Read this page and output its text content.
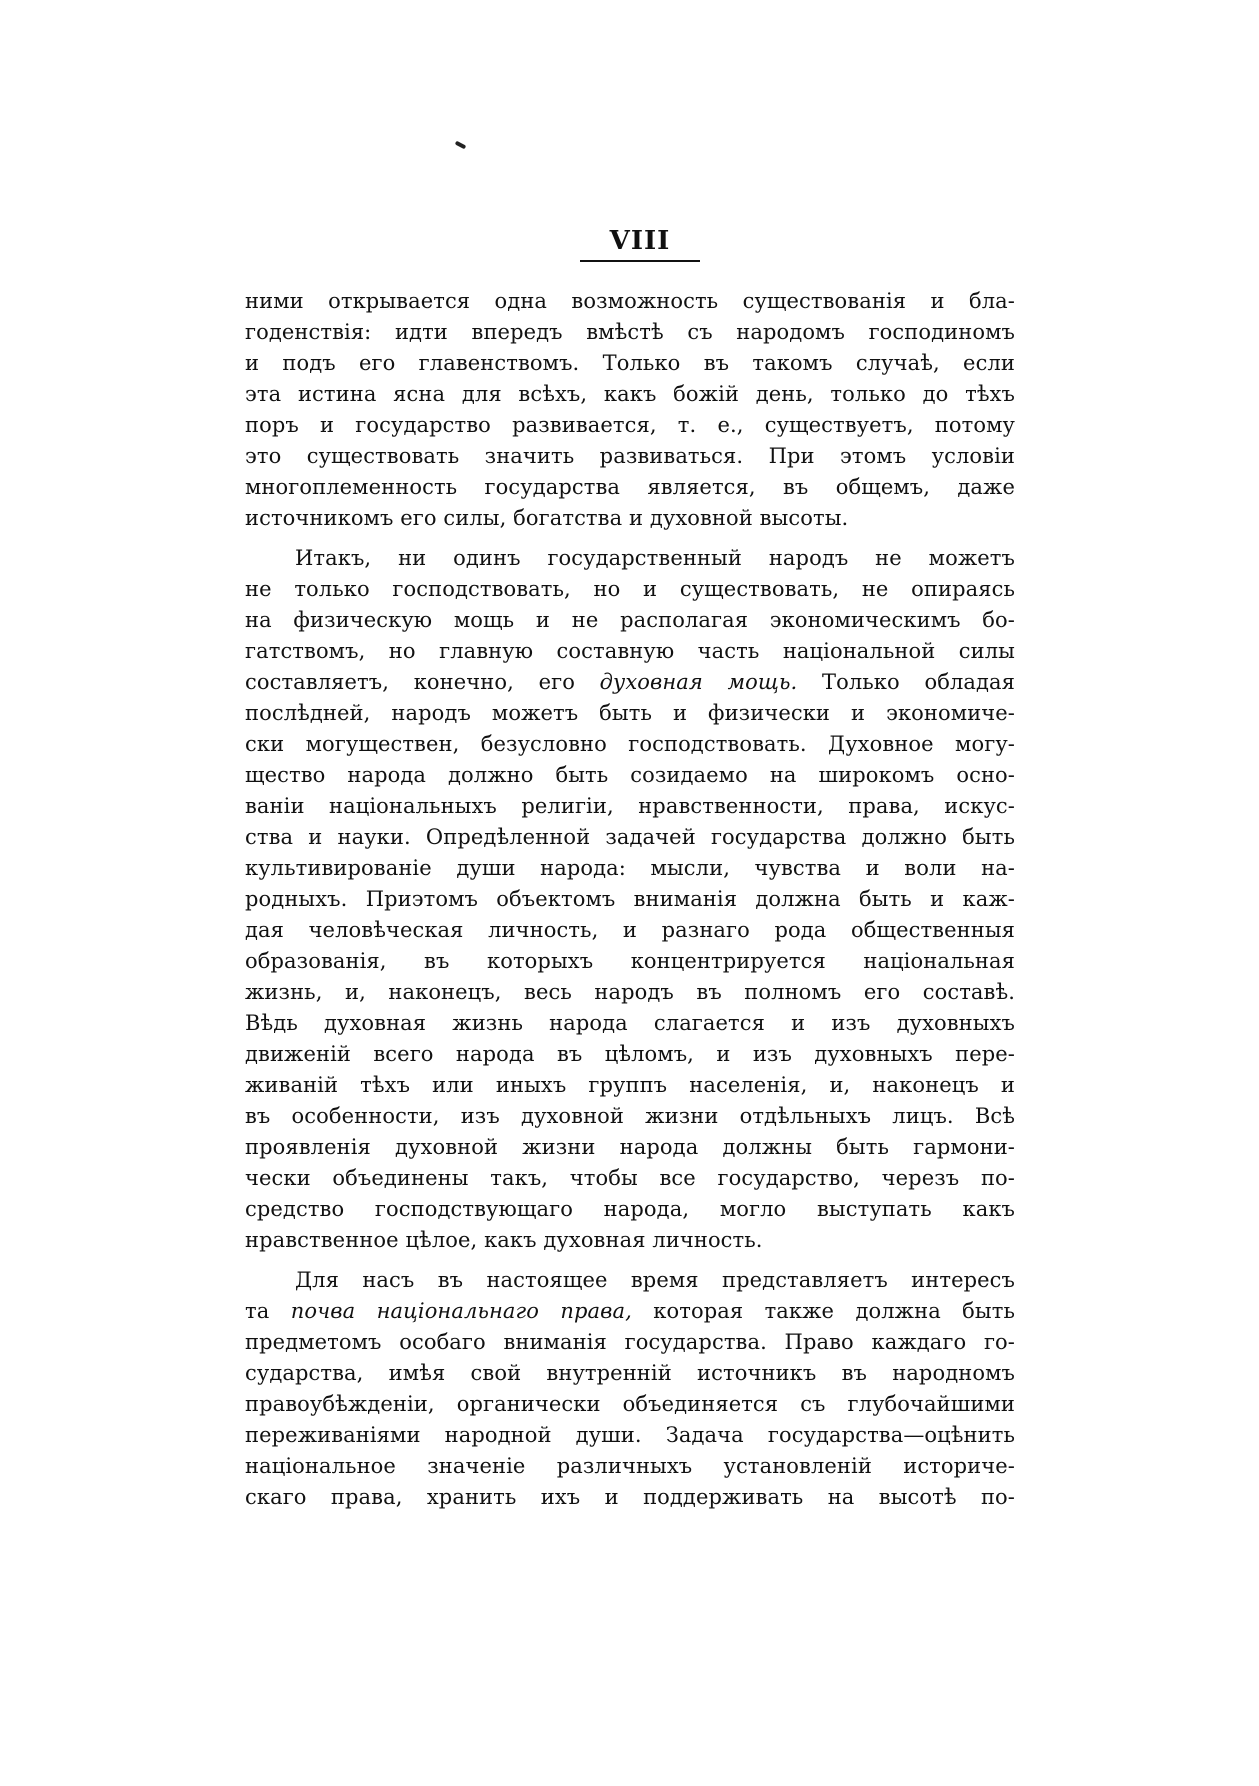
VIII
ними открывается одна возможность существованія и бла-
годенствія: идти впередъ вмѣстѣ съ народомъ господиномъ
и подъ его главенствомъ. Только въ такомъ случаѣ, если
эта истина ясна для всѣхъ, какъ божій день, только до тѣхъ
поръ и государство развивается, т. е., существуетъ, потому
это существовать значить развиваться. При этомъ условіи
многоплеменность государства является, въ общемъ, даже
источникомъ его силы, богатства и духовной высоты.
Итакъ, ни одинъ государственный народъ не можетъ
не только господствовать, но и существовать, не опираясь
на физическую мощь и не располагая экономическимъ бо-
гатствомъ, но главную составную часть національной силы
составляетъ, конечно, его духовная мощь. Только обладая
послѣдней, народъ можетъ быть и физически и экономиче-
ски могуществен, безусловно господствовать. Духовное могу-
щество народа должно быть созидаемо на широкомъ осно-
ваніи національныхъ религіи, нравственности, права, искус-
ства и науки. Опредѣленной задачей государства должно быть
культивированіе души народа: мысли, чувства и воли на-
родныхъ. Приэтомъ объектомъ вниманія должна быть и каж-
дая человѣческая личность, и разнаго рода общественныя
образованія, въ которыхъ концентрируется національная
жизнь, и, наконецъ, весь народъ въ полномъ его составѣ.
Вѣдь духовная жизнь народа слагается и изъ духовныхъ
движеній всего народа въ цѣломъ, и изъ духовныхъ пере-
живаній тѣхъ или иныхъ группъ населенія, и, наконецъ и
въ особенности, изъ духовной жизни отдѣльныхъ лицъ. Всѣ
проявленія духовной жизни народа должны быть гармони-
чески объединены такъ, чтобы все государство, черезъ по-
средство господствующаго народа, могло выступать какъ
нравственное цѣлое, какъ духовная личность.
Для насъ въ настоящее время представляетъ интересъ
та почва національнаго права, которая также должна быть
предметомъ особаго вниманія государства. Право каждаго го-
сударства, имѣя свой внутренній источникъ въ народномъ
правоубѣжденіи, органически объединяется съ глубочайшими
переживаніями народной души. Задача государства—оцѣнить
національное значеніе различныхъ установленій историче-
скаго права, хранить ихъ и поддерживать на высотѣ по-
